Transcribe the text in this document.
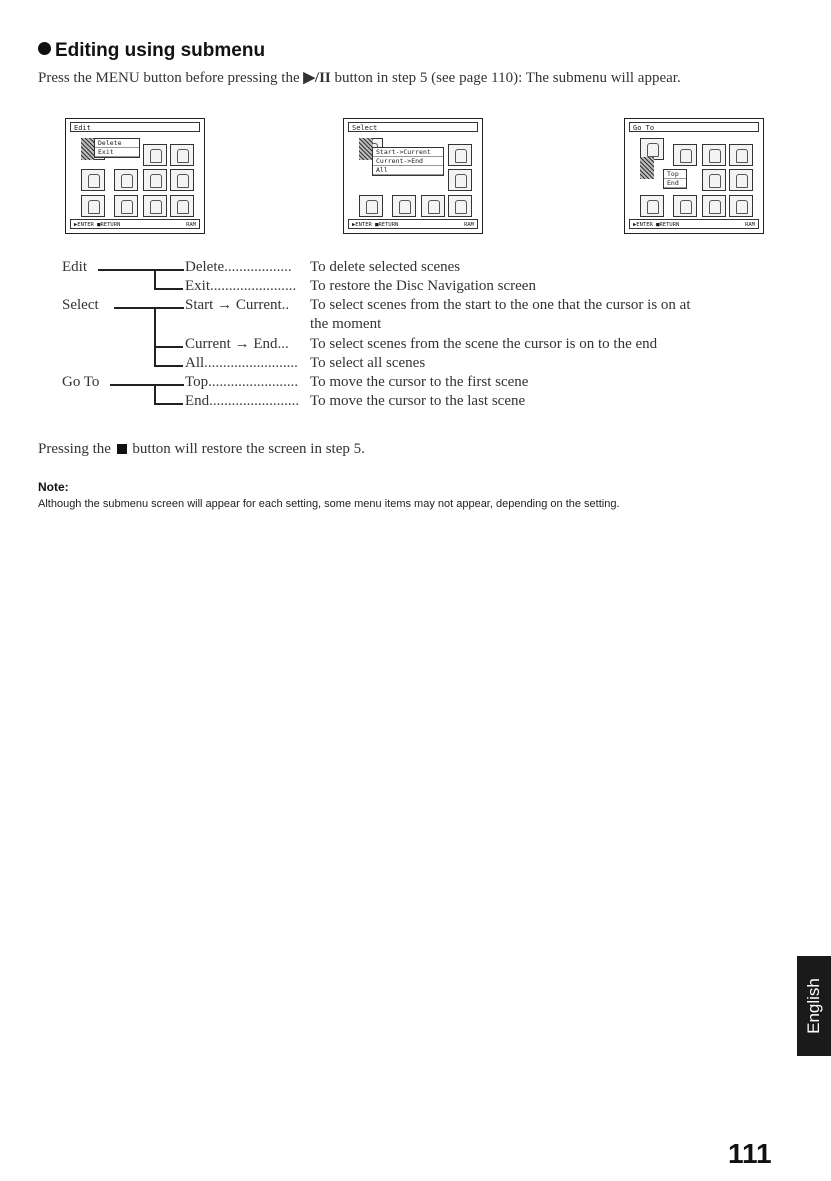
Editing using submenu

Press the MENU button before pressing the ▶/II button in step 5 (see page 110): The submenu will appear.

Edit
Delete
Exit
▶ENTER ■RETURN	RAM
Select
Start->Current
Current->End
All
▶ENTER ■RETURN	RAM
Go To
Top
End
▶ENTER ■RETURN	RAM
Edit	Delete.................. To delete selected scenes
Exit....................... To restore the Disc Navigation screen
Select	Start → Current.. To select scenes from the start to the one that the cursor is on at
the moment
Current → End... To select scenes from the scene the cursor is on to the end
All......................... To select all scenes
Go To	Top........................ To move the cursor to the first scene
End........................ To move the cursor to the last scene

Pressing the  button will restore the screen in step 5.

Note:

Although the submenu screen will appear for each setting, some menu items may not appear, depending on the setting.

English
111
